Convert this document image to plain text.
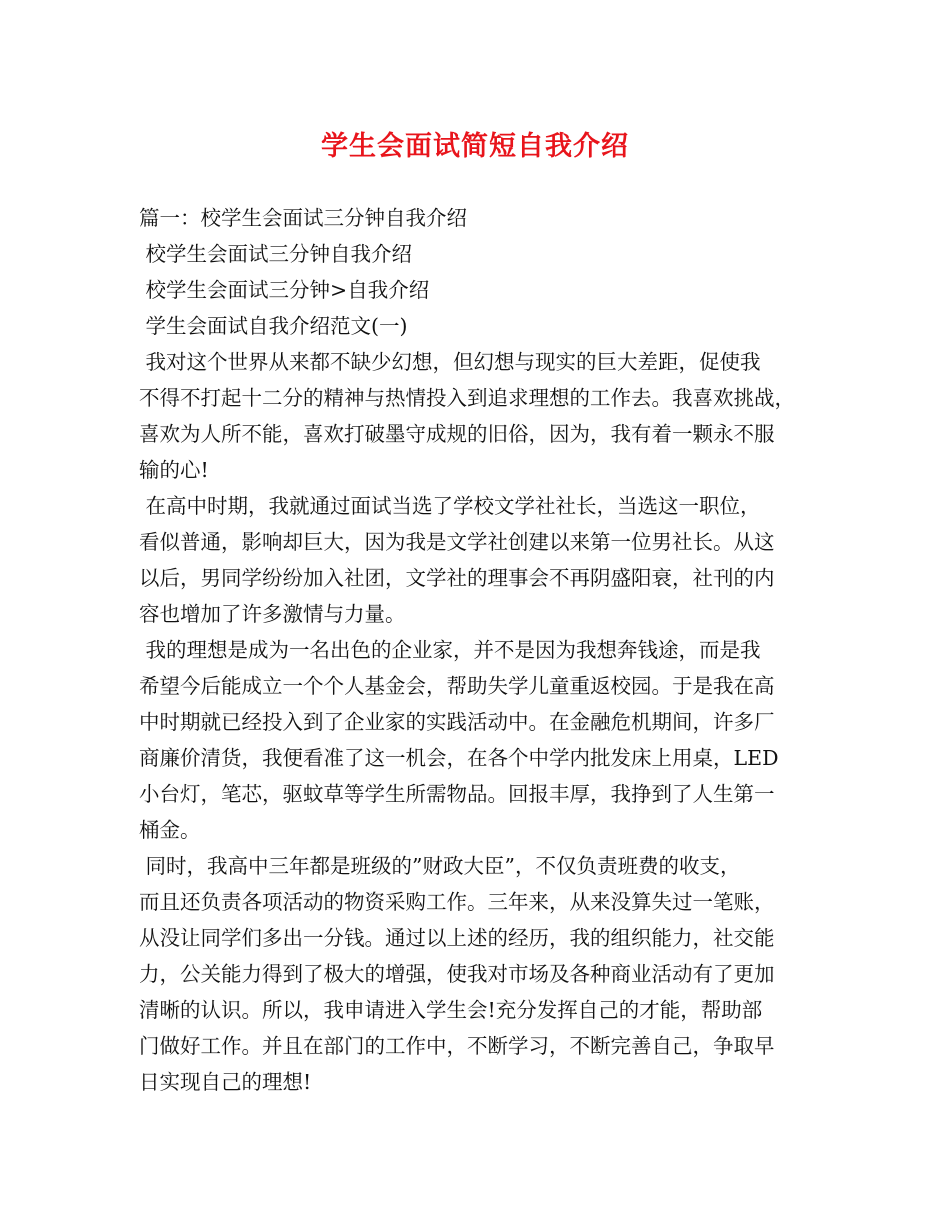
学生会面试简短自我介绍
篇一：校学生会面试三分钟自我介绍
校学生会面试三分钟自我介绍
校学生会面试三分钟>自我介绍
学生会面试自我介绍范文(一)
我对这个世界从来都不缺少幻想，但幻想与现实的巨大差距，促使我
不得不打起十二分的精神与热情投入到追求理想的工作去。我喜欢挑战，
喜欢为人所不能，喜欢打破墨守成规的旧俗，因为，我有着一颗永不服
输的心!
在高中时期，我就通过面试当选了学校文学社社长，当选这一职位，
看似普通，影响却巨大，因为我是文学社创建以来第一位男社长。从这
以后，男同学纷纷加入社团，文学社的理事会不再阴盛阳衰，社刊的内
容也增加了许多激情与力量。
我的理想是成为一名出色的企业家，并不是因为我想奔钱途，而是我
希望今后能成立一个个人基金会，帮助失学儿童重返校园。于是我在高
中时期就已经投入到了企业家的实践活动中。在金融危机期间，许多厂
商廉价清货，我便看准了这一机会，在各个中学内批发床上用桌，LED
小台灯，笔芯，驱蚊草等学生所需物品。回报丰厚，我挣到了人生第一
桶金。
同时，我高中三年都是班级的”财政大臣”，不仅负责班费的收支，
而且还负责各项活动的物资采购工作。三年来，从来没算失过一笔账，
从没让同学们多出一分钱。通过以上述的经历，我的组织能力，社交能
力，公关能力得到了极大的增强，使我对市场及各种商业活动有了更加
清晰的认识。所以，我申请进入学生会!充分发挥自己的才能，帮助部
门做好工作。并且在部门的工作中，不断学习，不断完善自己，争取早
日实现自己的理想!
